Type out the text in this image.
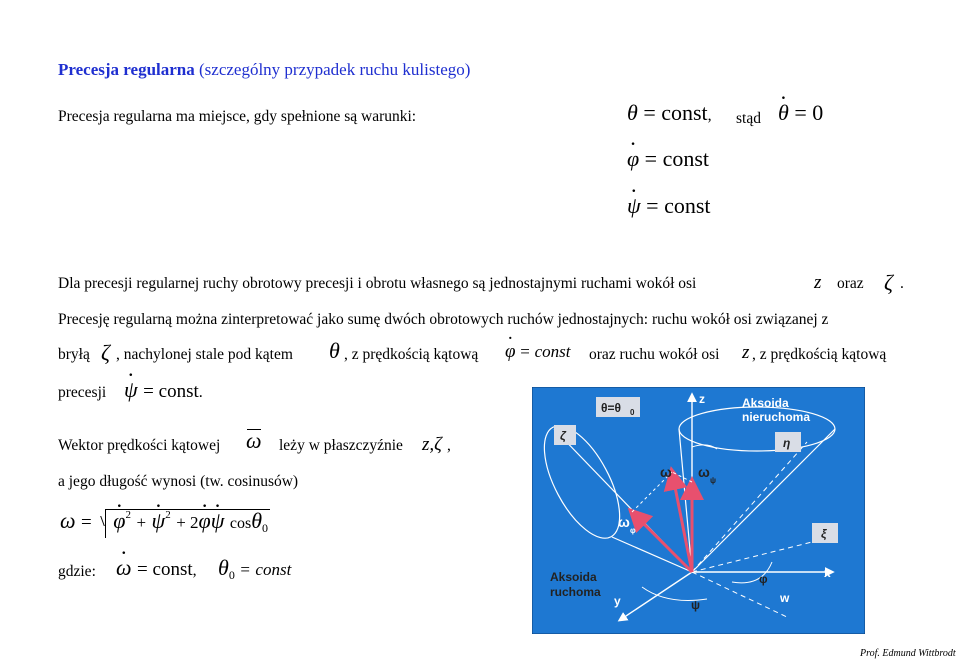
Precesja regularna (szczególny przypadek ruchu kulistego)
Precesja regularna ma miejsce, gdy spełnione są warunki:	θ = const, stąd · θ = 0
· φ = const
· ψ = const
Dla precesji regularnej ruchy obrotowy precesji i obrotu własnego są jednostajnymi ruchami wokół osi	z oraz ζ .
Precesję regularną można zinterpretować jako sumę dwóch obrotowych ruchów jednostajnych: ruchu wokół osi związanej z
bryłą ζ , nachylonej stale pod kątem θ , z prędkością kątową · φ = const oraz ruchu wokół osi z , z prędkością kątową
precesji · ψ = const.
Wektor prędkości kątowej ω leży w płaszczyźnie z,ζ ,
a jego długość wynosi (tw. cosinusów)
ω = · $\varphi^2$ + · $\psi^2 + 2\cdot \varphi\cdot \psi$ cosθ$_0$
gdzie: · ω = const, $\theta_0$ = const
θ=θ 0
z	Aksoida
nieruchoma
ζ	η
ω ω
ψ
ω
φ	ξ
Aksoida
ruchoma
φ
ψ
x
y	w
Prof. Edmund Wittbrodt
